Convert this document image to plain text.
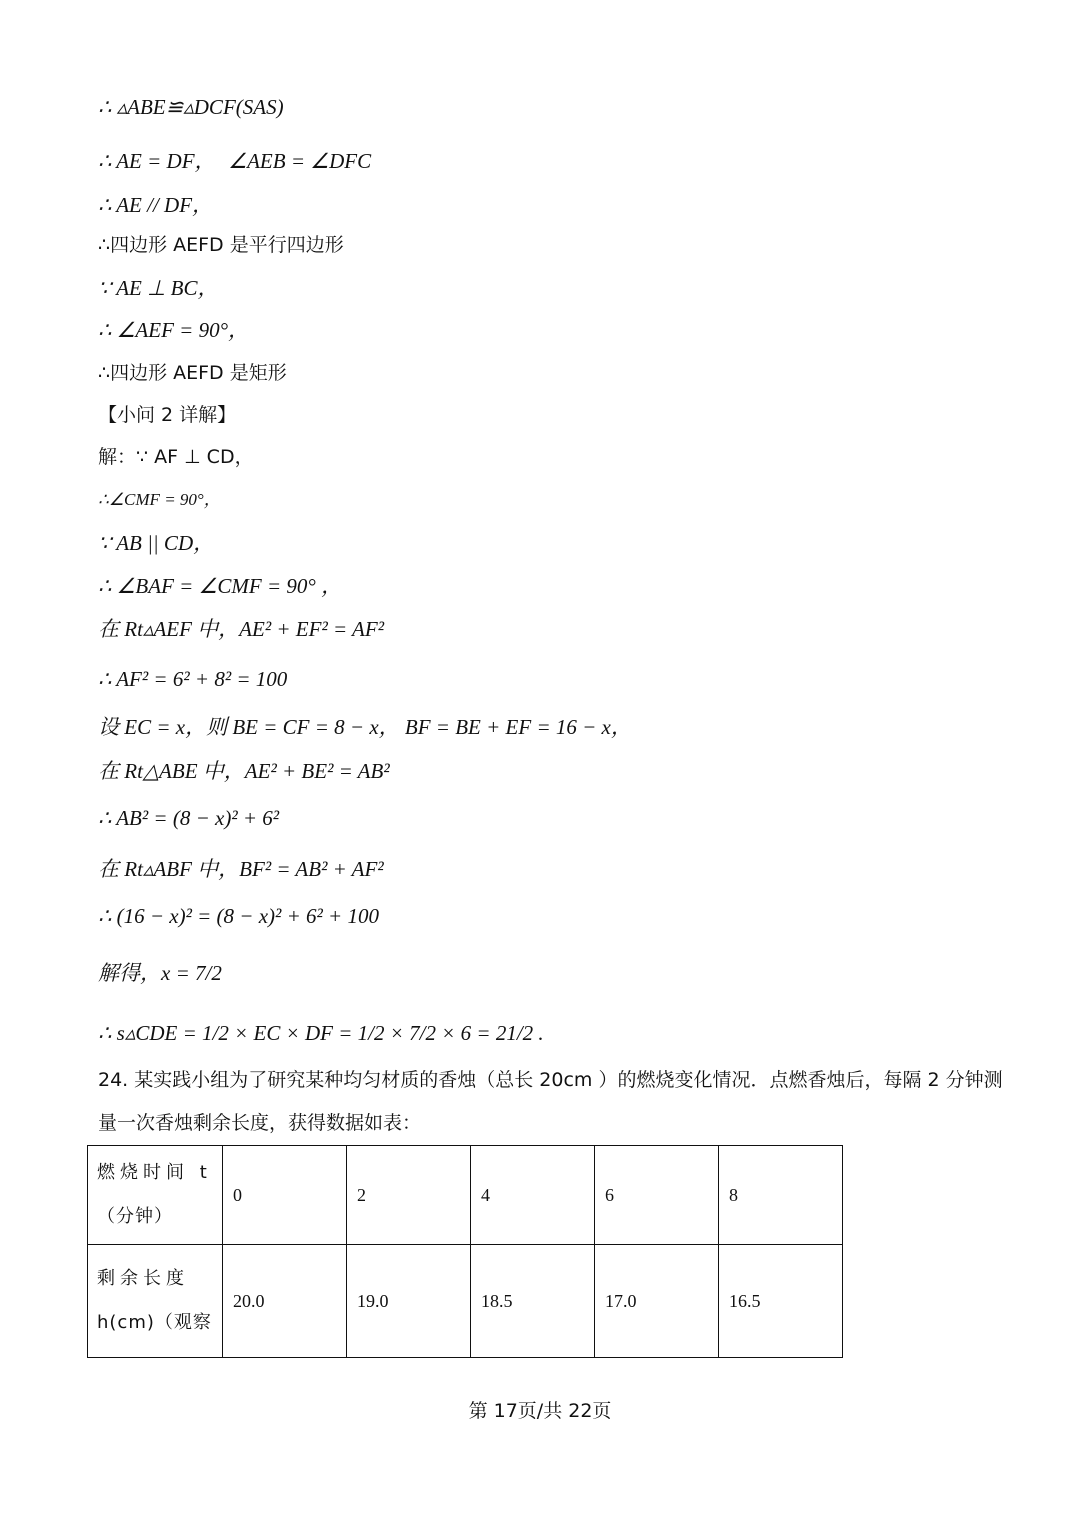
∴ ▵ABE≌▵DCF(SAS)
∴ AE = DF， ∠AEB = ∠DFC
∴ AE // DF，
∴四边形 AEFD 是平行四边形
∵ AE ⊥ BC，
∴ ∠AEF = 90°，
∴四边形 AEFD 是矩形
【小问 2 详解】
解：∵ AF ⊥ CD，
∴∠CMF = 90°，
∵ AB || CD，
∴ ∠BAF = ∠CMF = 90° ，
在 Rt▵AEF 中，AE² + EF² = AF²
∴ AF² = 6² + 8² = 100
设 EC = x，则 BE = CF = 8 − x， BF = BE + EF = 16 − x，
在 Rt△ABE 中，AE² + BE² = AB²
∴ AB² = (8 − x)² + 6²
在 Rt▵ABF 中，BF² = AB² + AF²
∴ (16 − x)² = (8 − x)² + 6² + 100
解得，x = 7/2
∴ s▵CDE = 1/2 × EC × DF = 1/2 × 7/2 × 6 = 21/2 .
24. 某实践小组为了研究某种均匀材质的香烛（总长 20cm ）的燃烧变化情况．点燃香烛后，每隔 2 分钟测
量一次香烛剩余长度，获得数据如表：
燃烧时间 t
（分钟）	0	2	4	6	8

剩余长度
h(cm)（观察	20.0	19.0	18.5	17.0	16.5
第 17页/共 22页
